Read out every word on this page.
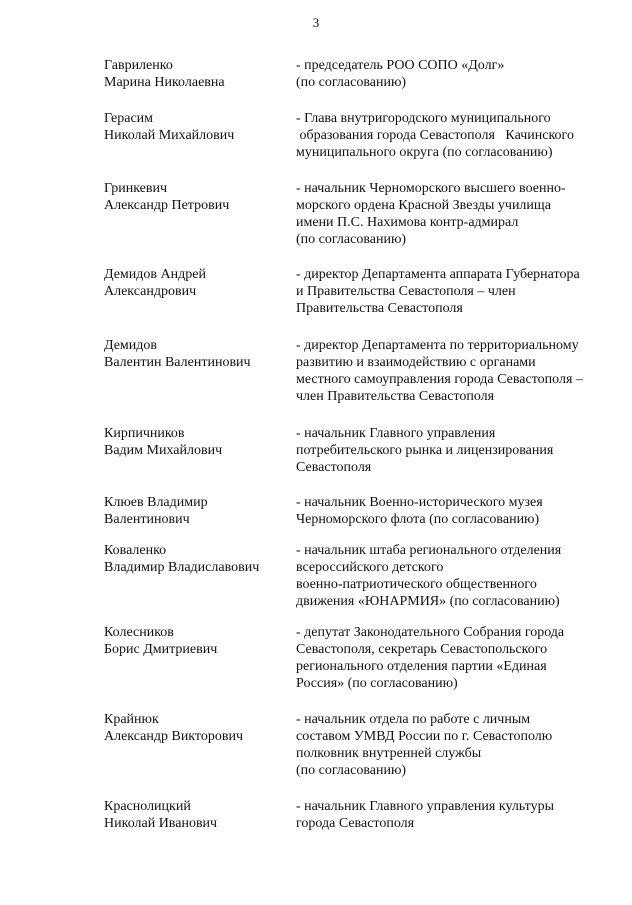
3
Гавриленко
Марина Николаевна
- председатель РОО СОПО «Долг»
(по согласованию)
Герасим
Николай Михайлович
- Глава внутригородского муниципального
образования города Севастополя   Качинского
муниципального округа (по согласованию)
Гринкевич
Александр Петрович
- начальник Черноморского высшего военно-
морского ордена Красной Звезды училища
имени П.С. Нахимова контр-адмирал
(по согласованию)
Демидов Андрей
Александрович
- директор Департамента аппарата Губернатора
и Правительства Севастополя – член
Правительства Севастополя
Демидов
Валентин Валентинович
- директор Департамента по территориальному
развитию и взаимодействию с органами
местного самоуправления города Севастополя –
член Правительства Севастополя
Кирпичников
Вадим Михайлович
- начальник Главного управления
потребительского рынка и лицензирования
Севастополя
Клюев Владимир
Валентинович
- начальник Военно-исторического музея
Черноморского флота (по согласованию)
Коваленко
Владимир Владиславович
- начальник штаба регионального отделения
всероссийского детского
военно-патриотического общественного
движения «ЮНАРМИЯ» (по согласованию)
Колесников
Борис Дмитриевич
- депутат Законодательного Собрания города
Севастополя, секретарь Севастопольского
регионального отделения партии «Единая
Россия» (по согласованию)
Крайнюк
Александр Викторович
- начальник отдела по работе с личным
составом УМВД России по г. Севастополю
полковник внутренней службы
(по согласованию)
Краснолицкий
Николай Иванович
- начальник Главного управления культуры
города Севастополя
